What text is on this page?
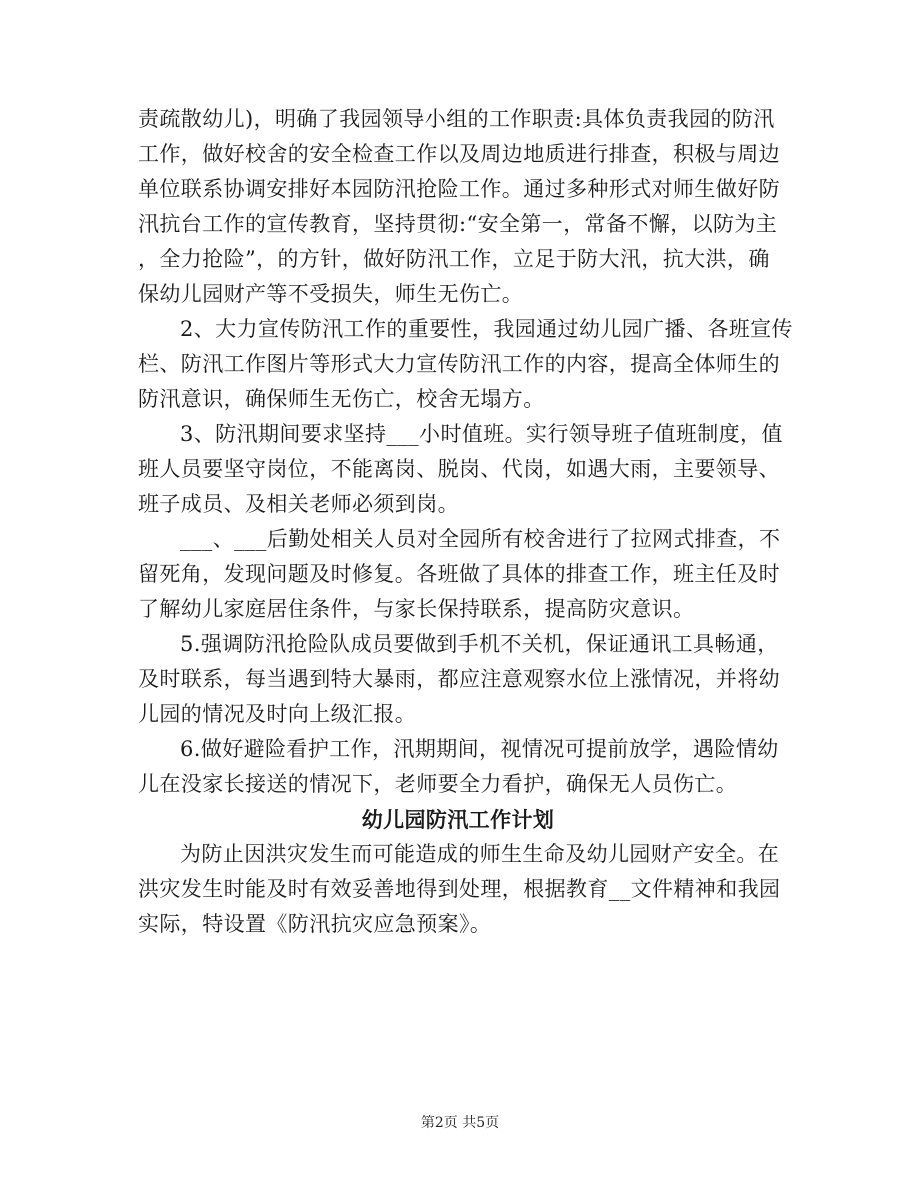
责疏散幼儿)，明确了我园领导小组的工作职责:具体负责我园的防汛
工作，做好校舍的安全检查工作以及周边地质进行排查，积极与周边
单位联系协调安排好本园防汛抢险工作。通过多种形式对师生做好防
汛抗台工作的宣传教育，坚持贯彻:“安全第一，常备不懈，以防为主
，全力抢险”，的方针，做好防汛工作，立足于防大汛，抗大洪，确
保幼儿园财产等不受损失，师生无伤亡。

2、大力宣传防汛工作的重要性，我园通过幼儿园广播、各班宣传
栏、防汛工作图片等形式大力宣传防汛工作的内容，提高全体师生的
防汛意识，确保师生无伤亡，校舍无塌方。

3、防汛期间要求坚持___小时值班。实行领导班子值班制度，值
班人员要坚守岗位，不能离岗、脱岗、代岗，如遇大雨，主要领导、
班子成员、及相关老师必须到岗。

___、___后勤处相关人员对全园所有校舍进行了拉网式排查，不
留死角，发现问题及时修复。各班做了具体的排查工作，班主任及时
了解幼儿家庭居住条件，与家长保持联系，提高防灾意识。

5.强调防汛抢险队成员要做到手机不关机，保证通讯工具畅通，
及时联系，每当遇到特大暴雨，都应注意观察水位上涨情况，并将幼
儿园的情况及时向上级汇报。

6.做好避险看护工作，汛期期间，视情况可提前放学，遇险情幼
儿在没家长接送的情况下，老师要全力看护，确保无人员伤亡。

幼儿园防汛工作计划

为防止因洪灾发生而可能造成的师生生命及幼儿园财产安全。在
洪灾发生时能及时有效妥善地得到处理，根据教育__文件精神和我园
实际，特设置《防汛抗灾应急预案》。

第2页 共5页
